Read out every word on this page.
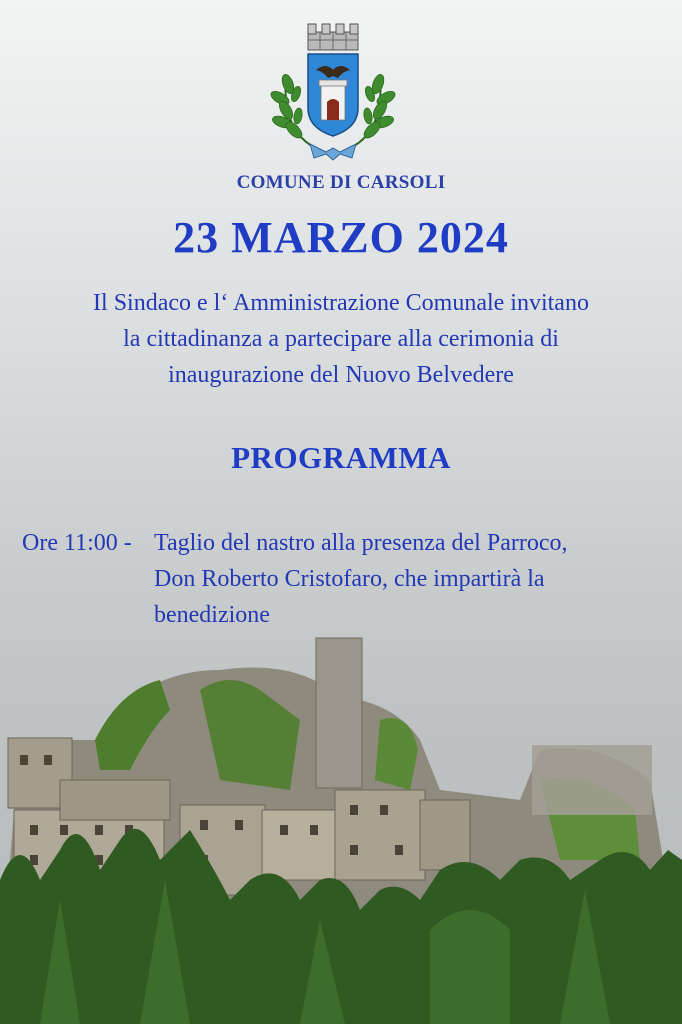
COMUNE DI CARSOLI
23 MARZO 2024
Il Sindaco e l‘ Amministrazione Comunale invitano
la cittadinanza a partecipare alla cerimonia di
inaugurazione del Nuovo Belvedere
PROGRAMMA
Ore 11:00 - Taglio del nastro alla presenza del Parroco,
Don Roberto Cristofaro, che impartirà la
benedizione
